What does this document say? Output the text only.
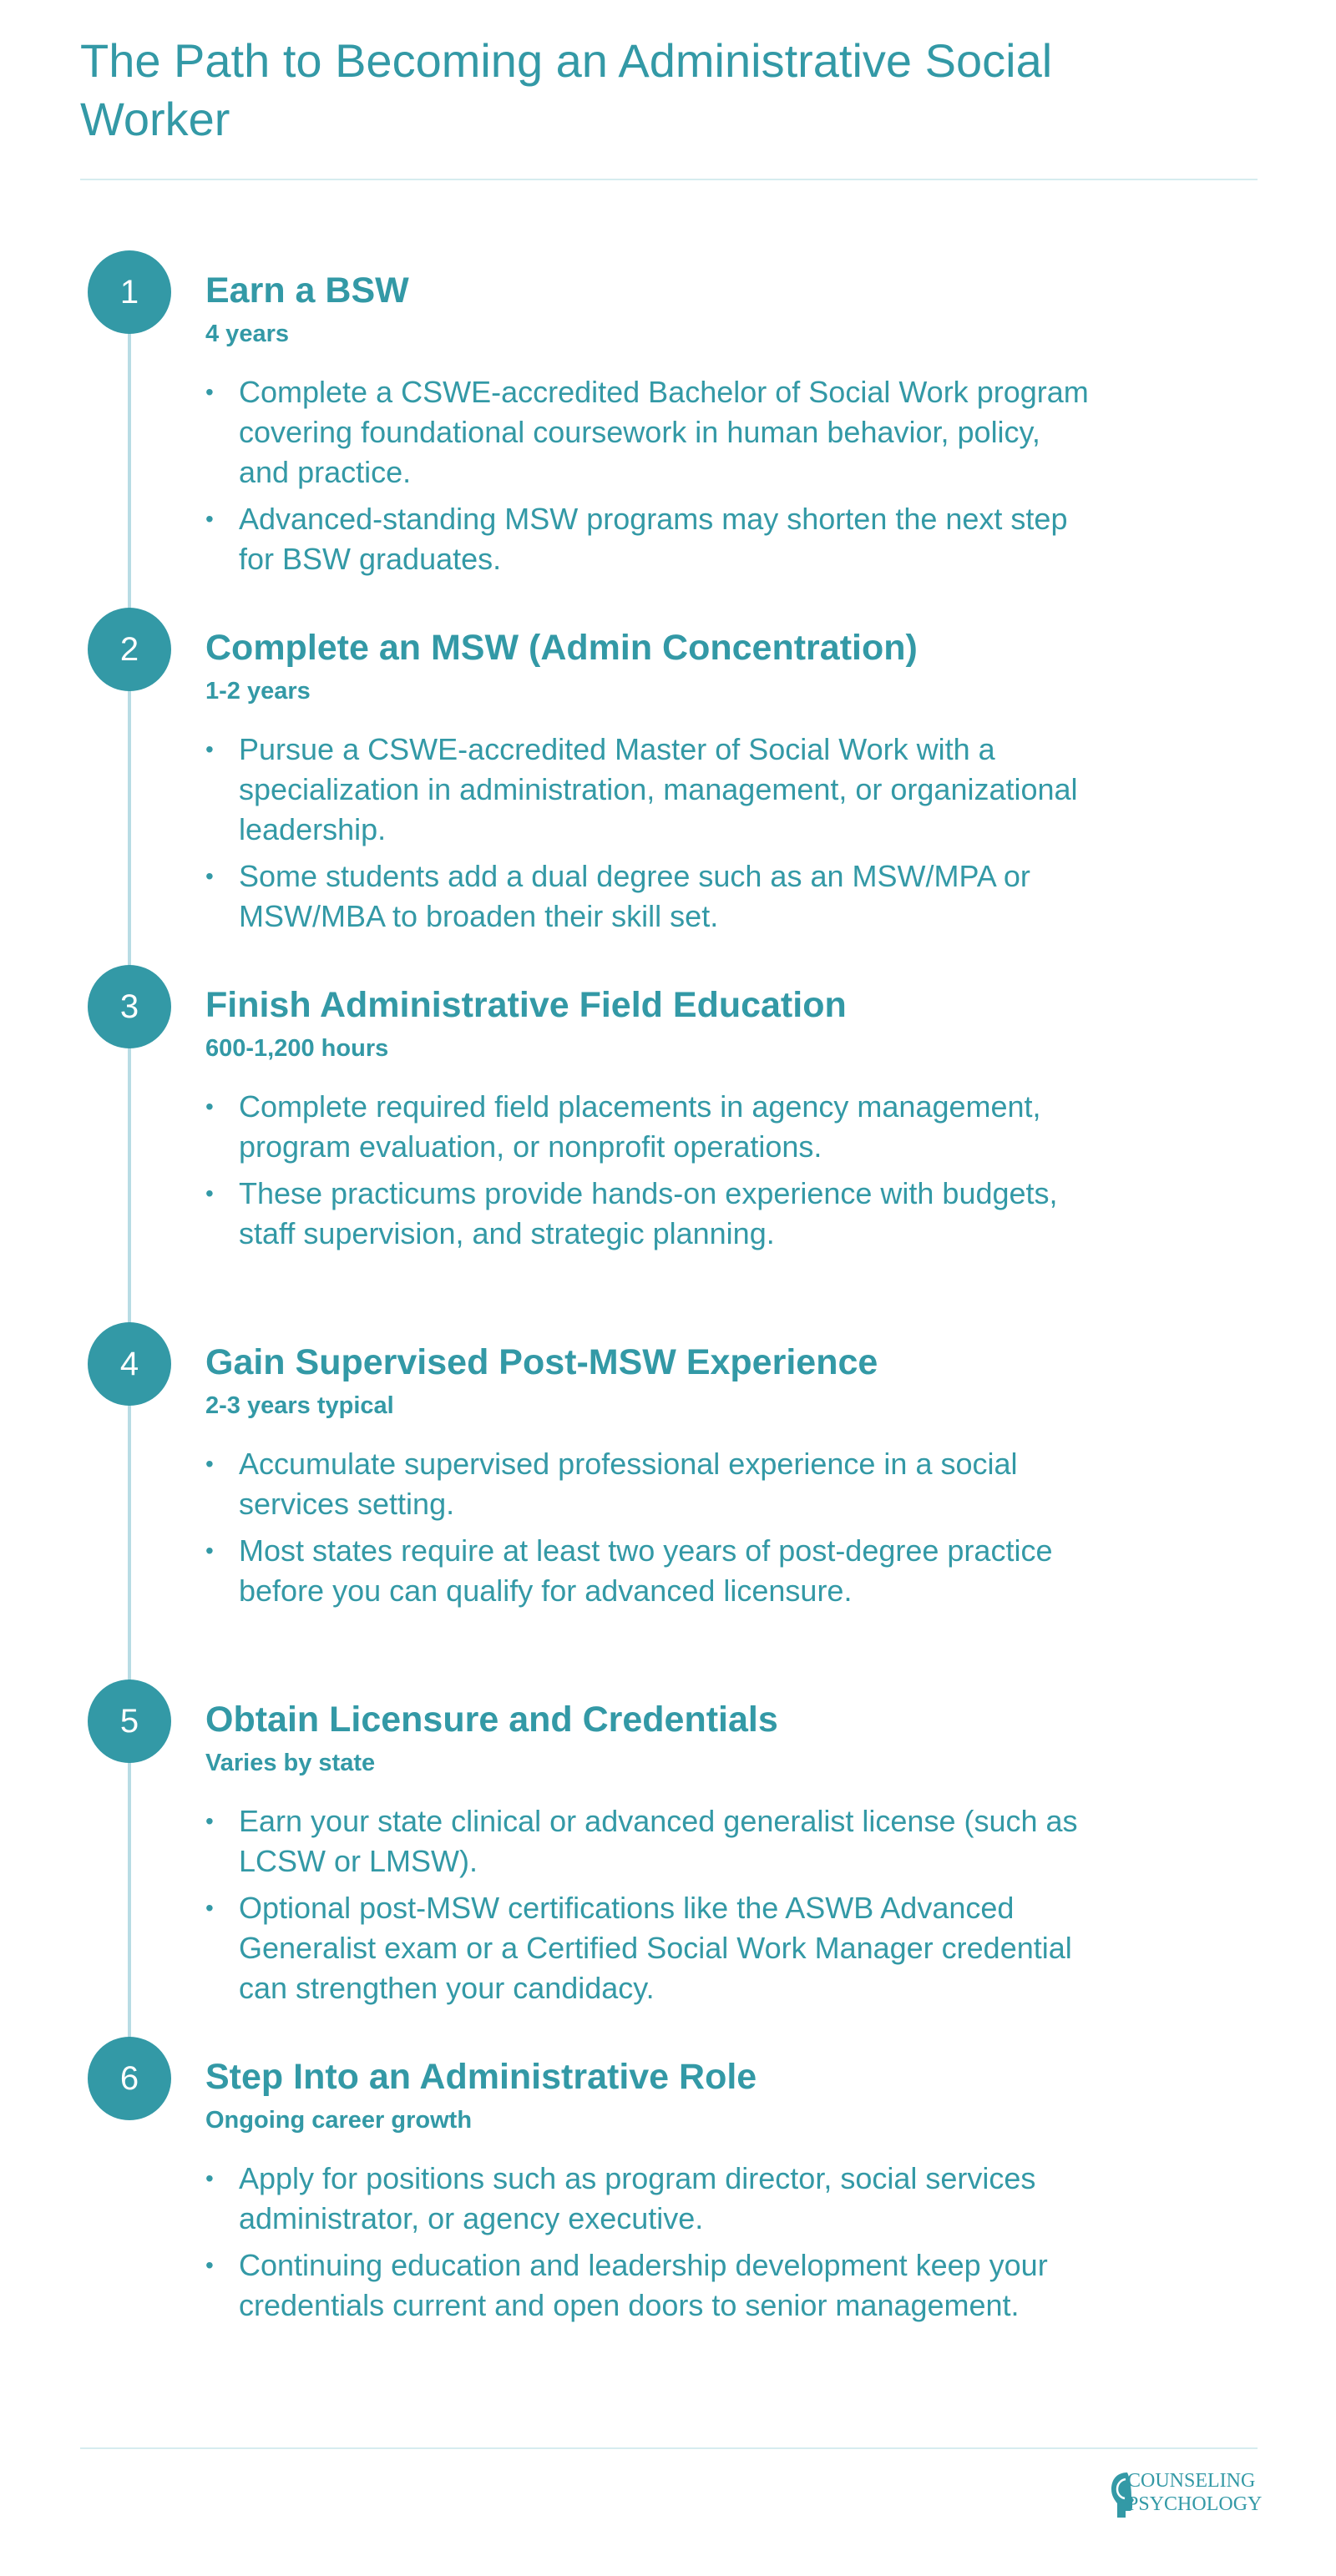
The Path to Becoming an Administrative Social Worker
1	Earn a BSW
4 years
• Complete a CSWE-accredited Bachelor of Social Work program covering foundational coursework in human behavior, policy, and practice.
• Advanced-standing MSW programs may shorten the next step for BSW graduates.
2	Complete an MSW (Admin Concentration)
1-2 years
• Pursue a CSWE-accredited Master of Social Work with a specialization in administration, management, or organizational leadership.
• Some students add a dual degree such as an MSW/MPA or MSW/MBA to broaden their skill set.
3	Finish Administrative Field Education
600-1,200 hours
• Complete required field placements in agency management, program evaluation, or nonprofit operations.
• These practicums provide hands-on experience with budgets, staff supervision, and strategic planning.
4	Gain Supervised Post-MSW Experience
2-3 years typical
• Accumulate supervised professional experience in a social services setting.
• Most states require at least two years of post-degree practice before you can qualify for advanced licensure.
5	Obtain Licensure and Credentials
Varies by state
• Earn your state clinical or advanced generalist license (such as LCSW or LMSW).
• Optional post-MSW certifications like the ASWB Advanced Generalist exam or a Certified Social Work Manager credential can strengthen your candidacy.
6	Step Into an Administrative Role
Ongoing career growth
• Apply for positions such as program director, social services administrator, or agency executive.
• Continuing education and leadership development keep your credentials current and open doors to senior management.
COUNSELING
PSYCHOLOGY
